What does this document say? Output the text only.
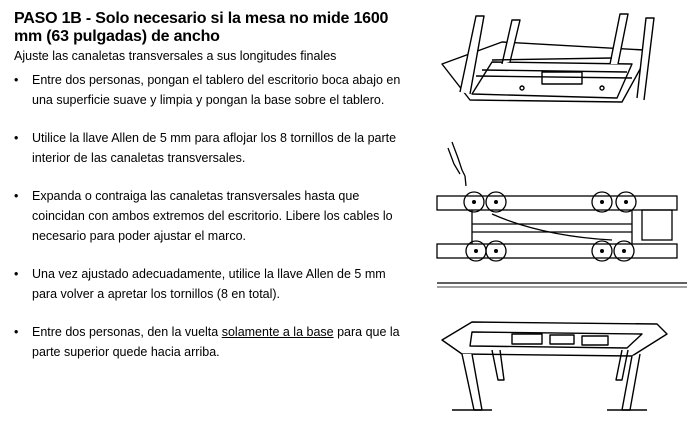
PASO 1B - Solo necesario si la mesa no mide 1600 mm (63 pulgadas) de ancho

Ajuste las canaletas transversales a sus longitudes finales

• Entre dos personas, pongan el tablero del escritorio boca abajo en una superficie suave y limpia y pongan la base sobre el tablero.
• Utilice la llave Allen de 5 mm para aflojar los 8 tornillos de la parte interior de las canaletas transversales.
• Expanda o contraiga las canaletas transversales hasta que coincidan con ambos extremos del escritorio. Libere los cables lo necesario para poder ajustar el marco.
• Una vez ajustado adecuadamente, utilice la llave Allen de 5 mm para volver a apretar los tornillos (8 en total).
• Entre dos personas, den la vuelta solamente a la base para que la parte superior quede hacia arriba.
